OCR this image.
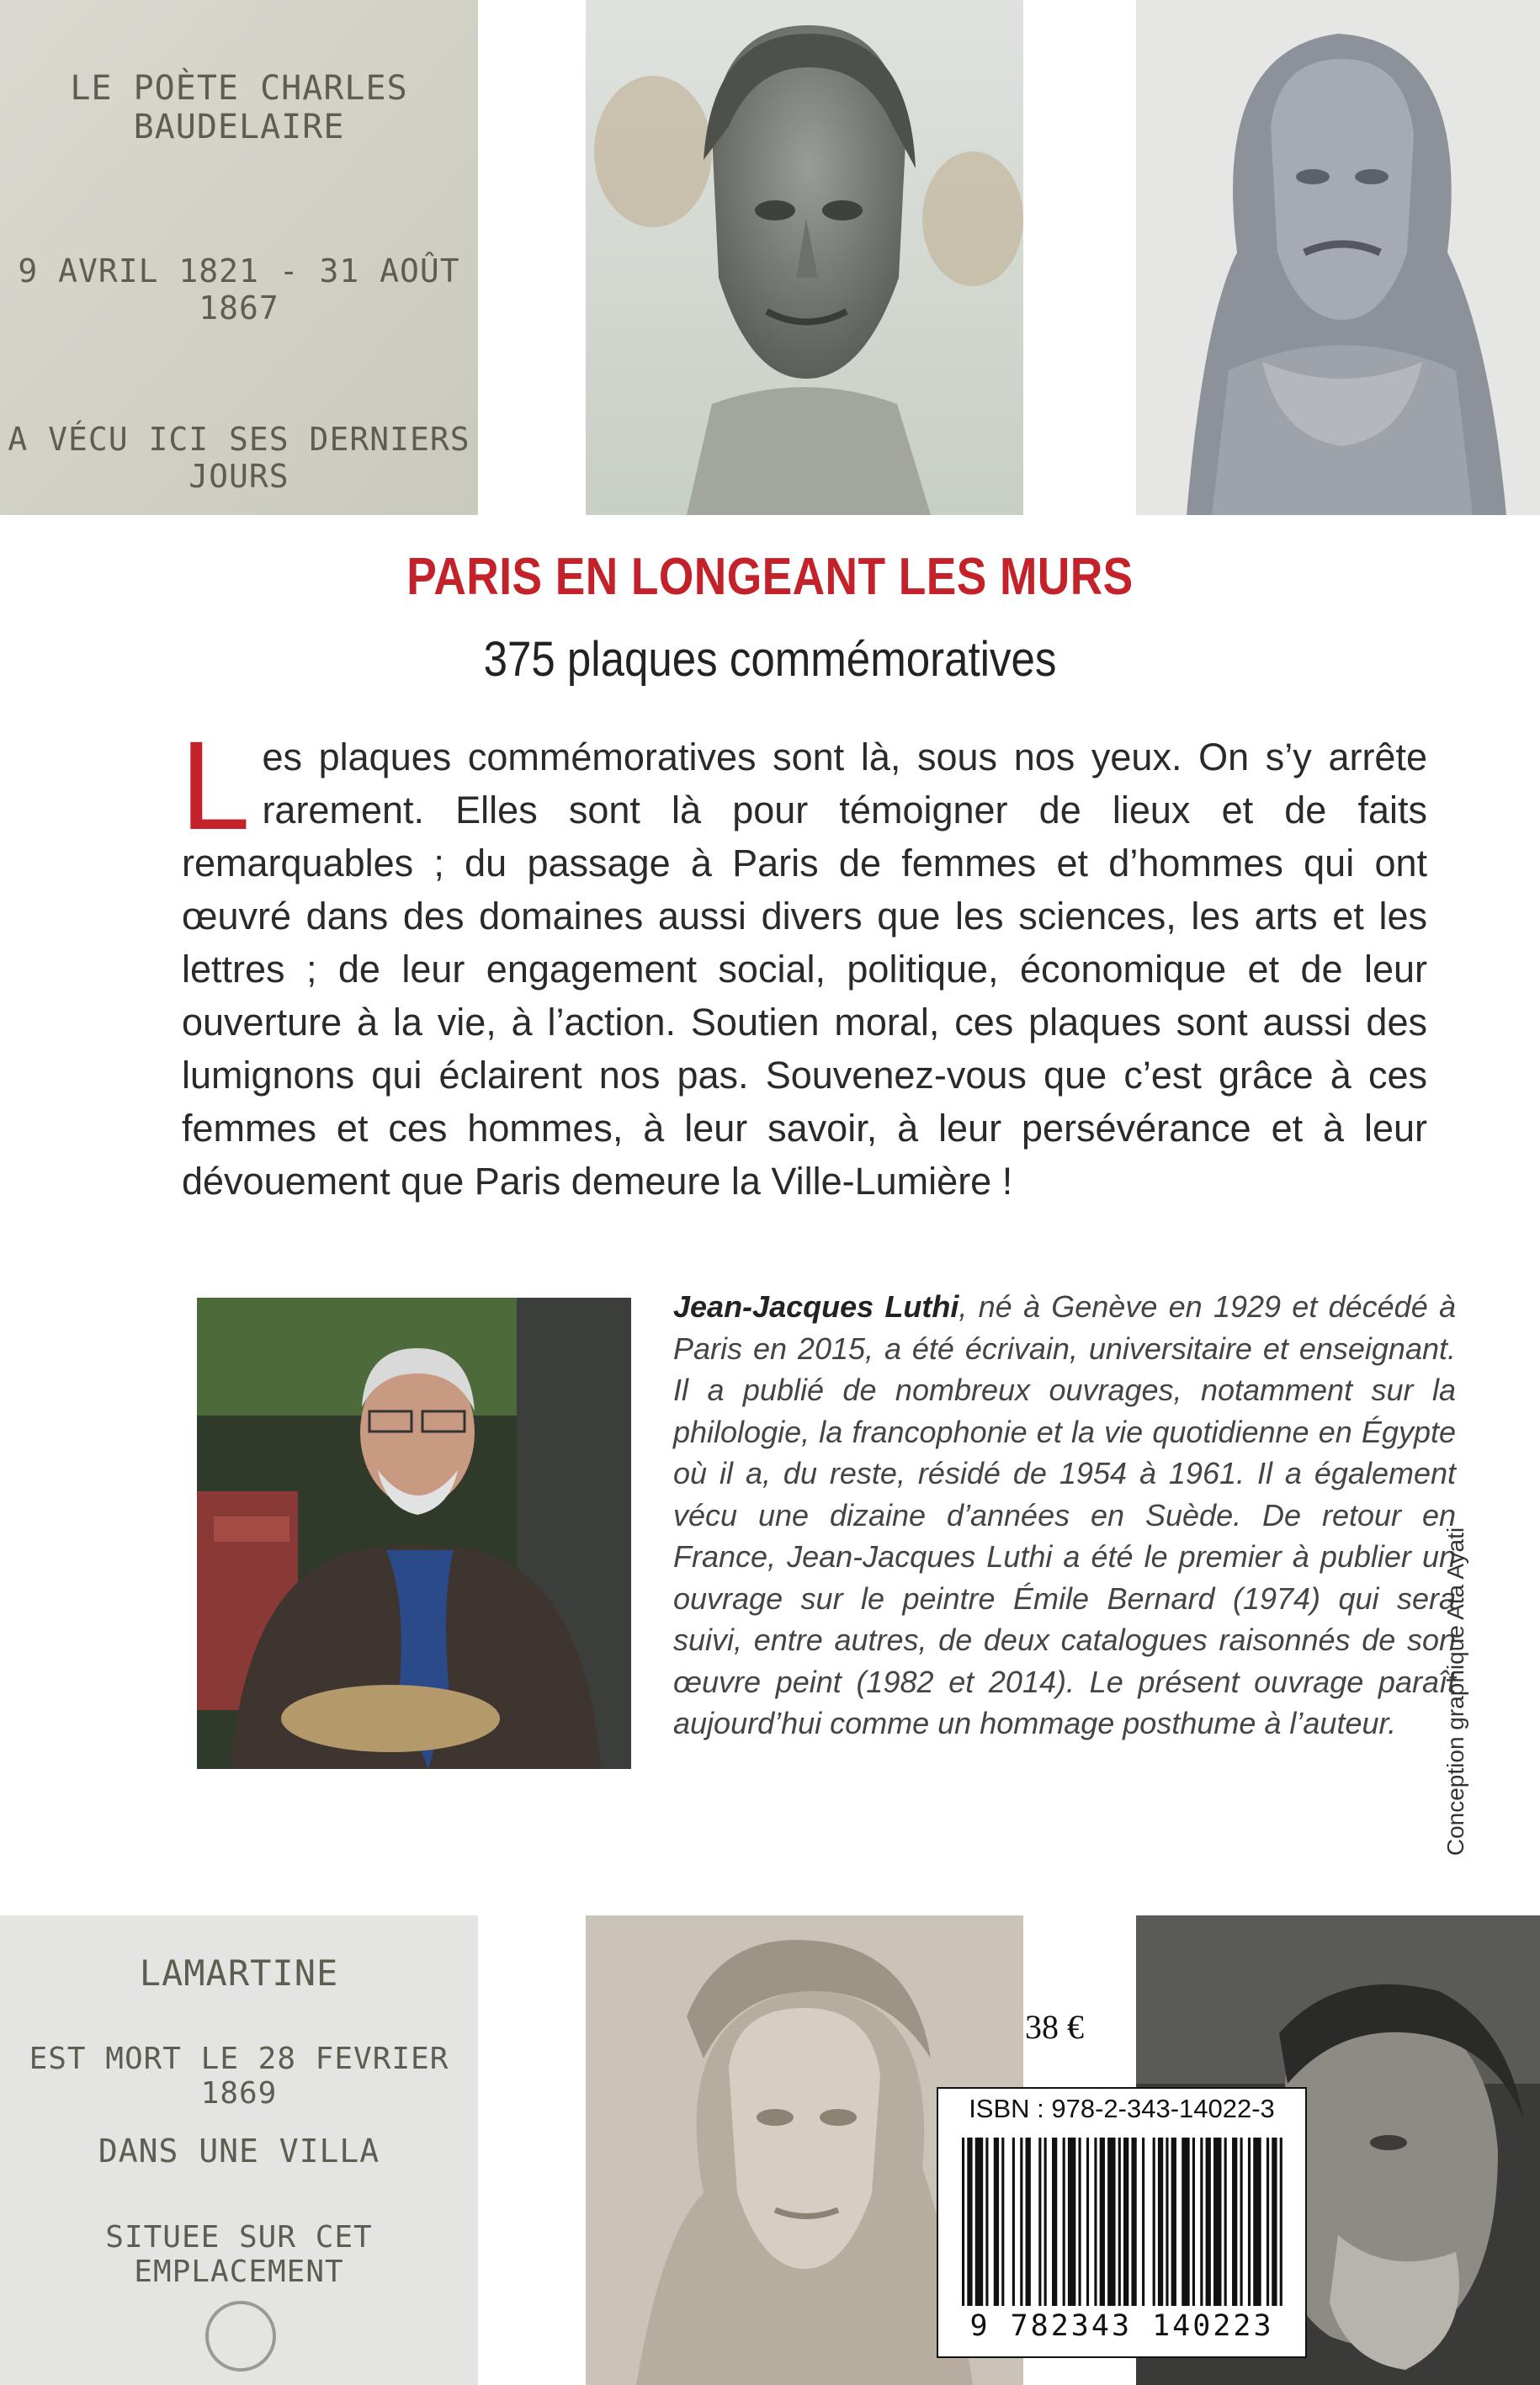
LE POÈTE CHARLES BAUDELAIRE
9 AVRIL 1821 - 31 AOÛT 1867
A VÉCU ICI SES DERNIERS JOURS
PARIS EN LONGEANT LES MURS
375 plaques commémoratives
Les plaques commémoratives sont là, sous nos yeux. On s’y arrête rarement. Elles sont là pour témoigner de lieux et de faits remarquables ; du passage à Paris de femmes et d’hommes qui ont œuvré dans des domaines aussi divers que les sciences, les arts et les lettres ; de leur engagement social, politique, économique et de leur ouverture à la vie, à l’action. Soutien moral, ces plaques sont aussi des lumignons qui éclairent nos pas. Souvenez-vous que c’est grâce à ces femmes et ces hommes, à leur savoir, à leur persévérance et à leur dévouement que Paris demeure la Ville-Lumière !
Jean-Jacques Luthi, né à Genève en 1929 et décédé à Paris en 2015, a été écrivain, universitaire et enseignant. Il a publié de nombreux ouvrages, notamment sur la philologie, la francophonie et la vie quotidienne en Égypte où il a, du reste, résidé de 1954 à 1961. Il a également vécu une dizaine d’années en Suède. De retour en France, Jean-Jacques Luthi a été le premier à publier un ouvrage sur le peintre Émile Bernard (1974) qui sera suivi, entre autres, de deux catalogues raisonnés de son œuvre peint (1982 et 2014). Le présent ouvrage paraît aujourd’hui comme un hommage posthume à l’auteur.	Conception graphique Ata Ayati
LAMARTINE
EST MORT LE 28 FEVRIER 1869
DANS UNE VILLA
SITUEE SUR CET EMPLACEMENT
38 €
ISBN : 978-2-343-14022-3
9 782343 140223
